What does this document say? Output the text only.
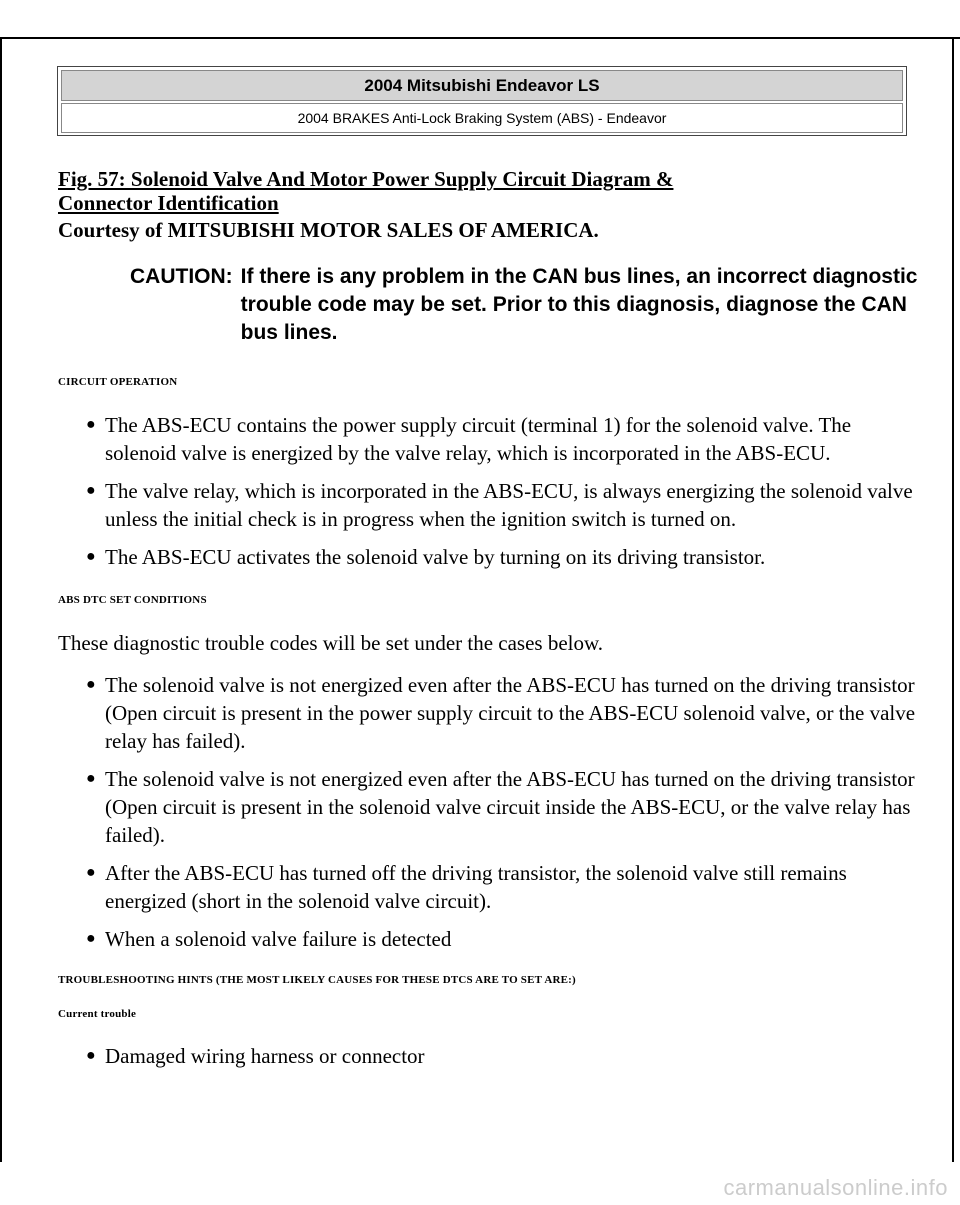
2004 Mitsubishi Endeavor LS
2004 BRAKES Anti-Lock Braking System (ABS) - Endeavor

Fig. 57: Solenoid Valve And Motor Power Supply Circuit Diagram &
Connector Identification

Courtesy of MITSUBISHI MOTOR SALES OF AMERICA.

CAUTION: If there is any problem in the CAN bus lines, an incorrect diagnostic trouble code may be set. Prior to this diagnosis, diagnose the CAN bus lines.

CIRCUIT OPERATION

● The ABS-ECU contains the power supply circuit (terminal 1) for the solenoid valve. The solenoid valve is energized by the valve relay, which is incorporated in the ABS-ECU.
● The valve relay, which is incorporated in the ABS-ECU, is always energizing the solenoid valve unless the initial check is in progress when the ignition switch is turned on.
● The ABS-ECU activates the solenoid valve by turning on its driving transistor.

ABS DTC SET CONDITIONS

These diagnostic trouble codes will be set under the cases below.

● The solenoid valve is not energized even after the ABS-ECU has turned on the driving transistor (Open circuit is present in the power supply circuit to the ABS-ECU solenoid valve, or the valve relay has failed).
● The solenoid valve is not energized even after the ABS-ECU has turned on the driving transistor (Open circuit is present in the solenoid valve circuit inside the ABS-ECU, or the valve relay has failed).
● After the ABS-ECU has turned off the driving transistor, the solenoid valve still remains energized (short in the solenoid valve circuit).
● When a solenoid valve failure is detected

TROUBLESHOOTING HINTS (THE MOST LIKELY CAUSES FOR THESE DTCS ARE TO SET ARE:)

Current trouble

● Damaged wiring harness or connector
carmanualsonline.info
